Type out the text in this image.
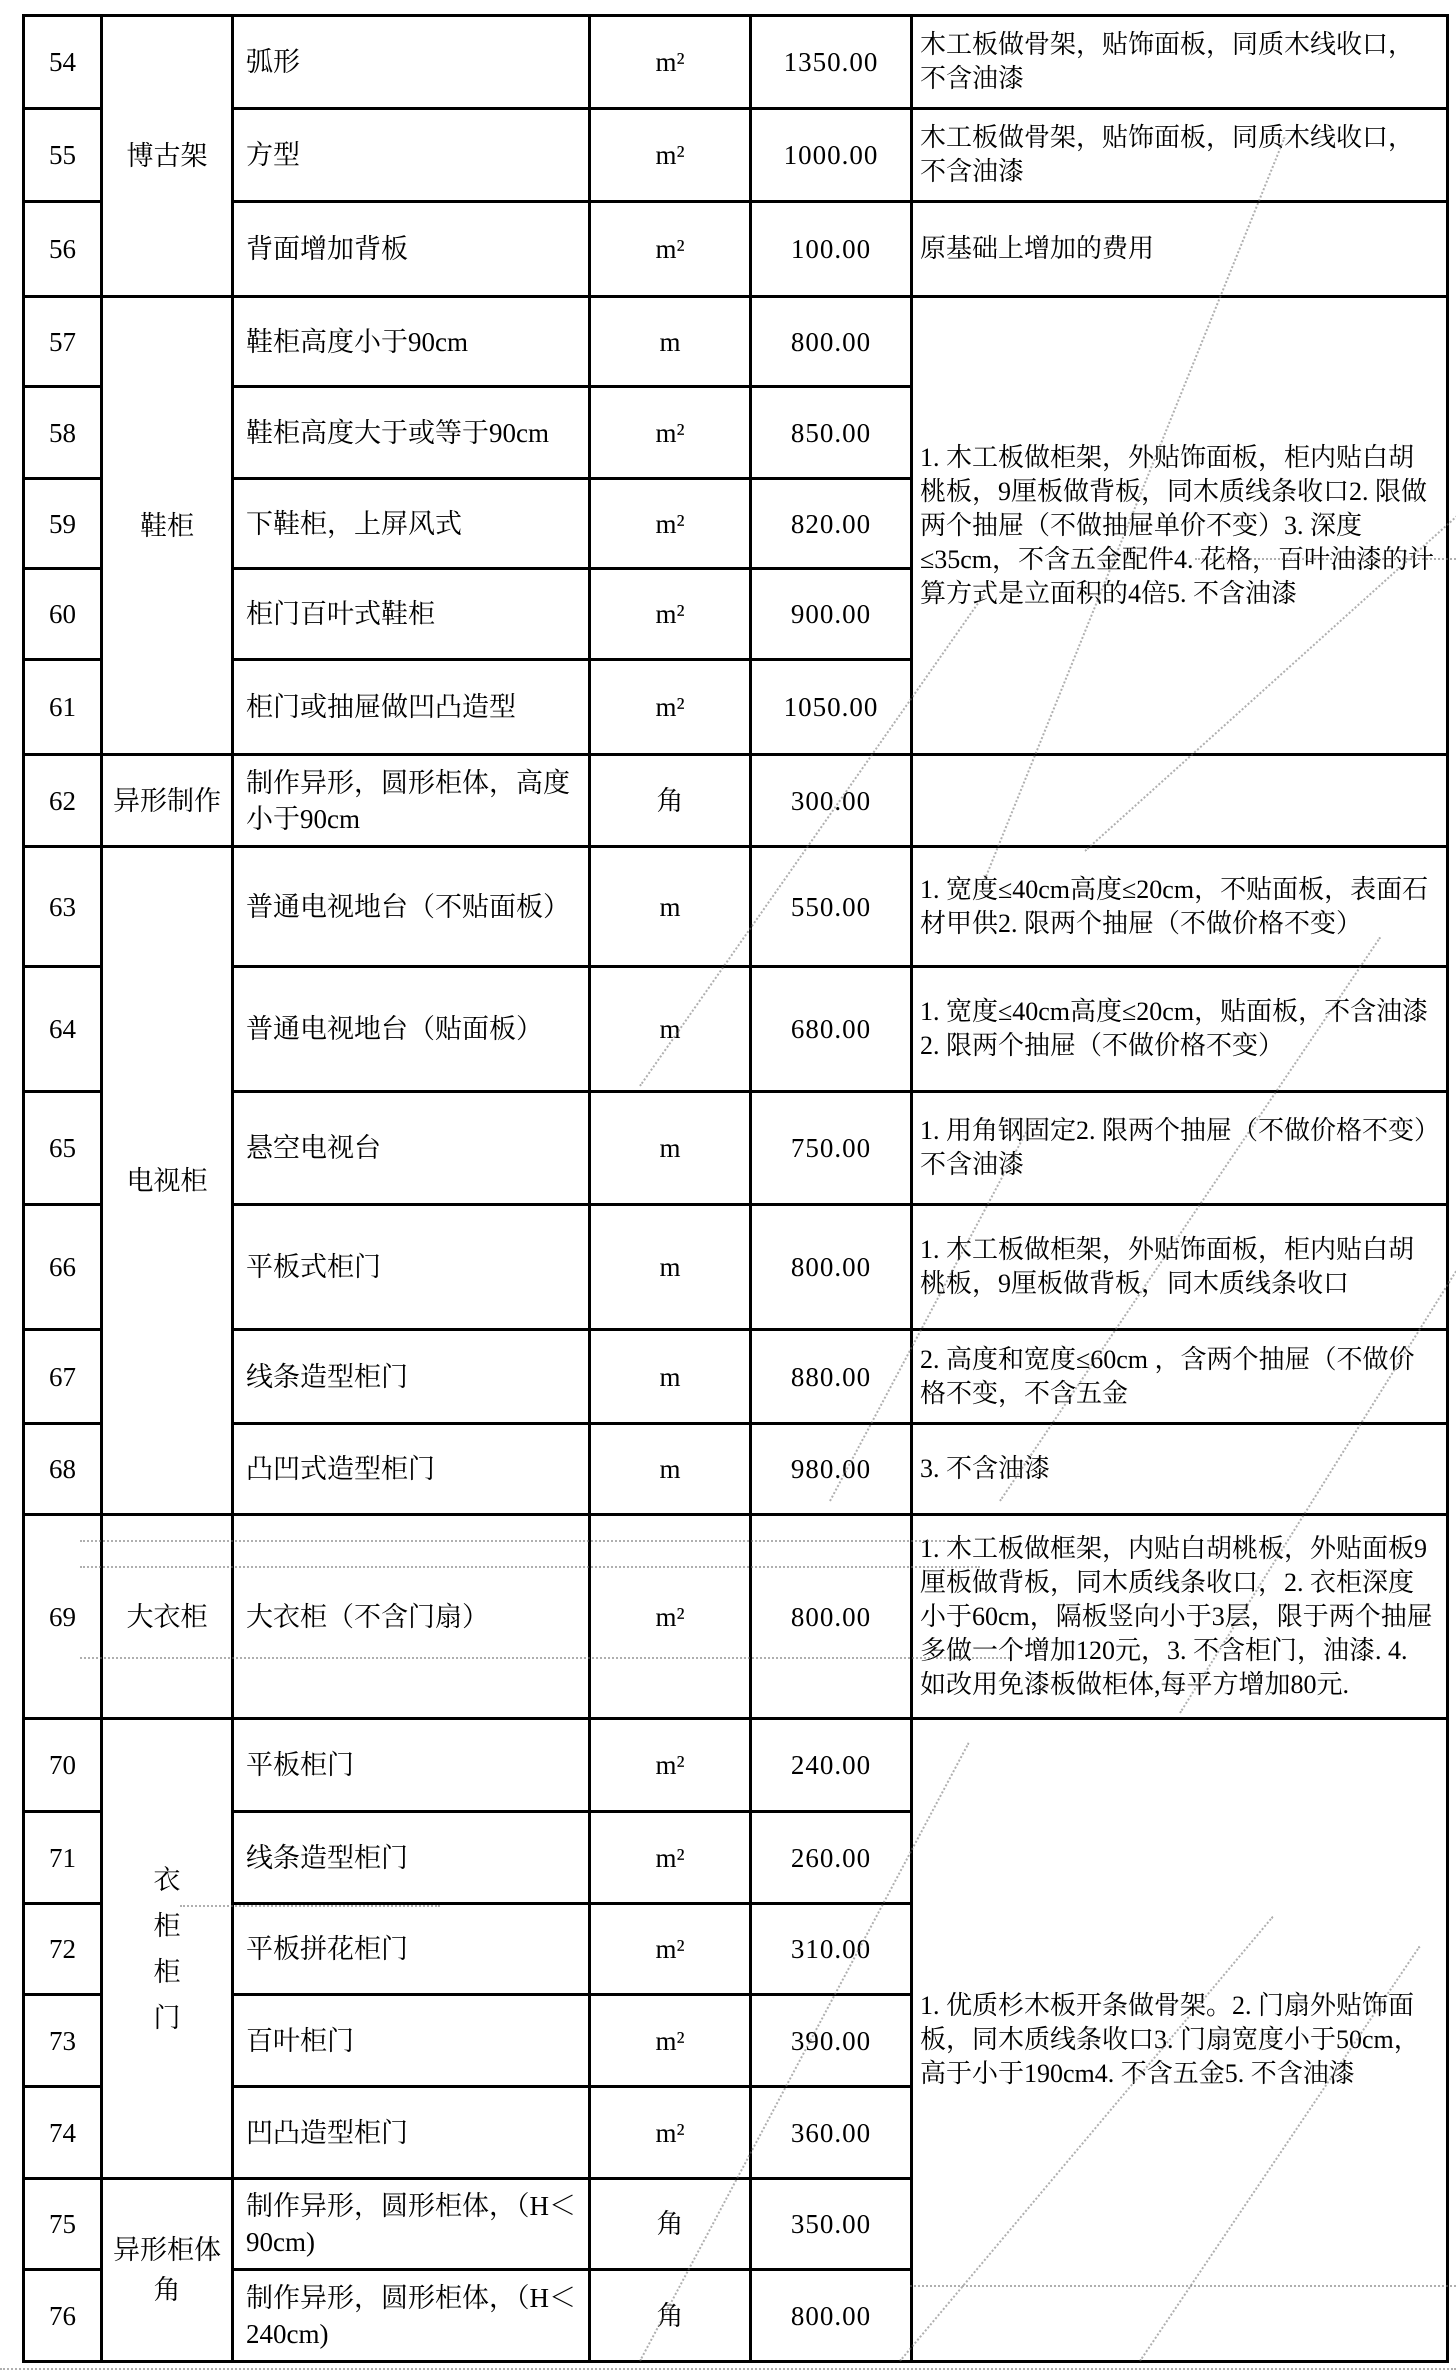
54	博古架	弧形	m²	1350.00	木工板做骨架，贴饰面板，同质木线收口，不含油漆
55		方型	m²	1000.00	木工板做骨架，贴饰面板，同质木线收口，不含油漆
56		背面增加背板	m²	100.00	原基础上增加的费用
57	鞋柜	鞋柜高度小于90cm	m	800.00	1. 木工板做柜架，外贴饰面板，柜内贴白胡桃板，9厘板做背板，同木质线条收口2. 限做两个抽屉（不做抽屉单价不变）3. 深度≤35cm，不含五金配件4. 花格，百叶油漆的计算方式是立面积的4倍5. 不含油漆
58		鞋柜高度大于或等于90cm	m²	850.00	
59		下鞋柜，上屏风式	m²	820.00	
60		柜门百叶式鞋柜	m²	900.00	
61		柜门或抽屉做凹凸造型	m²	1050.00	
62	异形制作	制作异形，圆形柜体，高度小于90cm	角	300.00	
63	电视柜	普通电视地台（不贴面板）	m	550.00	1. 宽度≤40cm高度≤20cm，不贴面板，表面石材甲供2. 限两个抽屉（不做价格不变）
64		普通电视地台（贴面板）	m	680.00	1. 宽度≤40cm高度≤20cm，贴面板，不含油漆2. 限两个抽屉（不做价格不变）
65		悬空电视台	m	750.00	1. 用角钢固定2. 限两个抽屉（不做价格不变）不含油漆
66		平板式柜门	m	800.00	1. 木工板做柜架，外贴饰面板，柜内贴白胡桃板，9厘板做背板，同木质线条收口
67		线条造型柜门	m	880.00	2. 高度和宽度≤60cm ，含两个抽屉（不做价格不变，不含五金
68		凸凹式造型柜门	m	980.00	3. 不含油漆
69	大衣柜	大衣柜（不含门扇）	m²	800.00	1. 木工板做框架，内贴白胡桃板，外贴面板9厘板做背板，同木质线条收口，2. 衣柜深度小于60cm，隔板竖向小于3层，限于两个抽屉多做一个增加120元，3. 不含柜门，油漆. 4. 如改用免漆板做柜体,每平方增加80元.
70	衣柜柜门	平板柜门	m²	240.00	1. 优质杉木板开条做骨架。2. 门扇外贴饰面板，同木质线条收口3. 门扇宽度小于50cm，高于小于190cm4. 不含五金5. 不含油漆
71		线条造型柜门	m²	260.00	
72		平板拼花柜门	m²	310.00	
73		百叶柜门	m²	390.00	
74		凹凸造型柜门	m²	360.00	
75	异形柜体角	制作异形，圆形柜体，（H＜90cm)	角	350.00	
76		制作异形，圆形柜体，（H＜240cm)	角	800.00	
